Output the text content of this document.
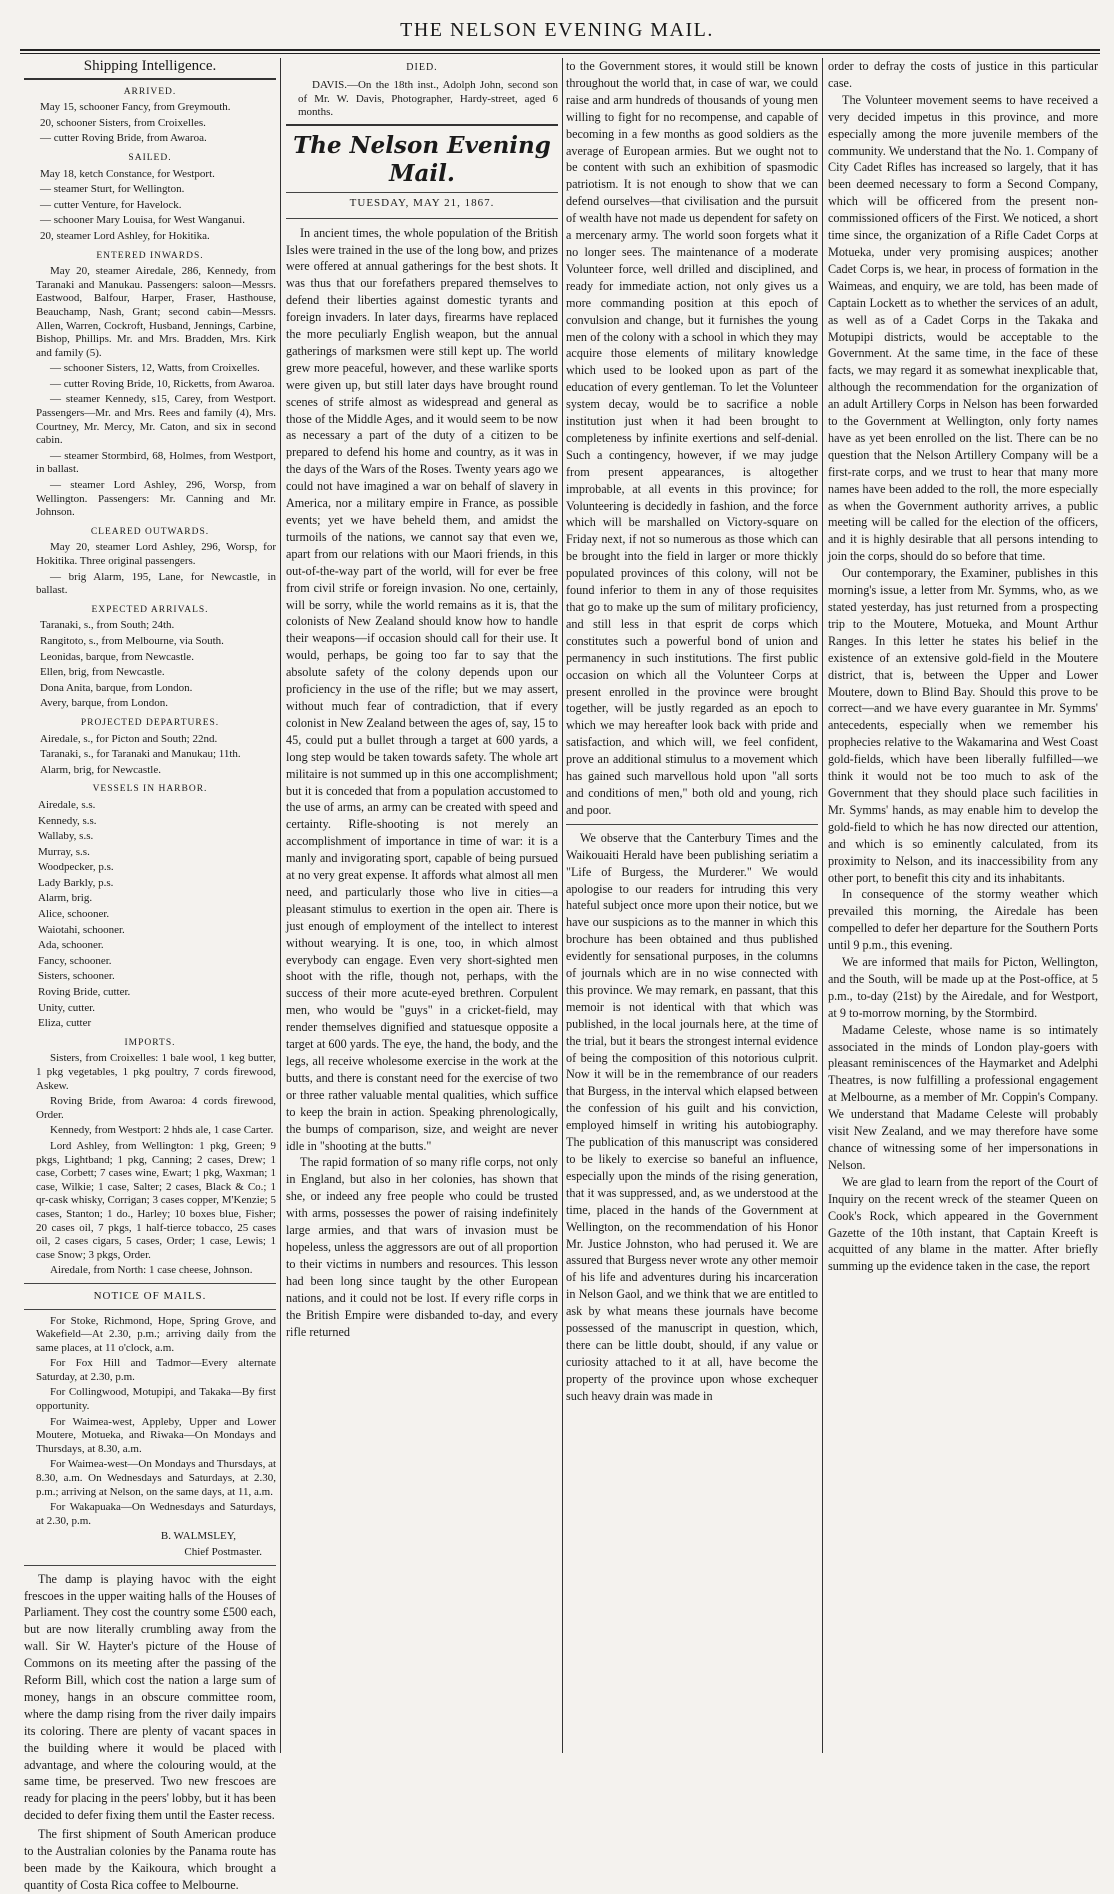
THE NELSON EVENING MAIL.
Shipping Intelligence.
ARRIVED.

May 15, schooner Fancy, from Greymouth.

20, schooner Sisters, from Croixelles.

— cutter Roving Bride, from Awaroa.

SAILED.

May 18, ketch Constance, for Westport.

— steamer Sturt, for Wellington.

— cutter Venture, for Havelock.

— schooner Mary Louisa, for West Wanganui.

20, steamer Lord Ashley, for Hokitika.

ENTERED INWARDS.

May 20, steamer Airedale, 286, Kennedy, from Taranaki and Manukau. Passengers: saloon—Messrs. Eastwood, Balfour, Harper, Fraser, Hasthouse, Beauchamp, Nash, Grant; second cabin—Messrs. Allen, Warren, Cockroft, Husband, Jennings, Carbine, Bishop, Phillips. Mr. and Mrs. Bradden, Mrs. Kirk and family (5).

— schooner Sisters, 12, Watts, from Croixelles.

— cutter Roving Bride, 10, Ricketts, from Awaroa.

— steamer Kennedy, s15, Carey, from Westport. Passengers—Mr. and Mrs. Rees and family (4), Mrs. Courtney, Mr. Mercy, Mr. Caton, and six in second cabin.

— steamer Stormbird, 68, Holmes, from Westport, in ballast.

— steamer Lord Ashley, 296, Worsp, from Wellington. Passengers: Mr. Canning and Mr. Johnson.

CLEARED OUTWARDS.

May 20, steamer Lord Ashley, 296, Worsp, for Hokitika. Three original passengers.

— brig Alarm, 195, Lane, for Newcastle, in ballast.

EXPECTED ARRIVALS.

Taranaki, s., from South; 24th.

Rangitoto, s., from Melbourne, via South.

Leonidas, barque, from Newcastle.

Ellen, brig, from Newcastle.

Dona Anita, barque, from London.

Avery, barque, from London.

PROJECTED DEPARTURES.

Airedale, s., for Picton and South; 22nd.

Taranaki, s., for Taranaki and Manukau; 11th.

Alarm, brig, for Newcastle.

VESSELS IN HARBOR.

Airedale, s.s.

Kennedy, s.s.

Wallaby, s.s.

Murray, s.s.

Woodpecker, p.s.

Lady Barkly, p.s.

Alarm, brig.

Alice, schooner.

Waiotahi, schooner.

Ada, schooner.

Fancy, schooner.

Sisters, schooner.

Roving Bride, cutter.

Unity, cutter.

Eliza, cutter

IMPORTS.

Sisters, from Croixelles: 1 bale wool, 1 keg butter, 1 pkg vegetables, 1 pkg poultry, 7 cords firewood, Askew.

Roving Bride, from Awaroa: 4 cords firewood, Order.

Kennedy, from Westport: 2 hhds ale, 1 case Carter.

Lord Ashley, from Wellington: 1 pkg, Green; 9 pkgs, Lightband; 1 pkg, Canning; 2 cases, Drew; 1 case, Corbett; 7 cases wine, Ewart; 1 pkg, Waxman; 1 case, Wilkie; 1 case, Salter; 2 cases, Black & Co.; 1 qr-cask whisky, Corrigan; 3 cases copper, M'Kenzie; 5 cases, Stanton; 1 do., Harley; 10 boxes blue, Fisher; 20 cases oil, 7 pkgs, 1 half-tierce tobacco, 25 cases oil, 2 cases cigars, 5 cases, Order; 1 case, Lewis; 1 case Snow; 3 pkgs, Order.

Airedale, from North: 1 case cheese, Johnson.

NOTICE OF MAILS.

For Stoke, Richmond, Hope, Spring Grove, and Wakefield—At 2.30, p.m.; arriving daily from the same places, at 11 o'clock, a.m.

For Fox Hill and Tadmor—Every alternate Saturday, at 2.30, p.m.

For Collingwood, Motupipi, and Takaka—By first opportunity.

For Waimea-west, Appleby, Upper and Lower Moutere, Motueka, and Riwaka—On Mondays and Thursdays, at 8.30, a.m.

For Waimea-west—On Mondays and Thursdays, at 8.30, a.m. On Wednesdays and Saturdays, at 2.30, p.m.; arriving at Nelson, on the same days, at 11, a.m.

For Wakapuaka—On Wednesdays and Saturdays, at 2.30, p.m.

B. WALMSLEY,

Chief Postmaster.

The damp is playing havoc with the eight frescoes in the upper waiting halls of the Houses of Parliament. They cost the country some £500 each, but are now literally crumbling away from the wall. Sir W. Hayter's picture of the House of Commons on its meeting after the passing of the Reform Bill, which cost the nation a large sum of money, hangs in an obscure committee room, where the damp rising from the river daily impairs its coloring. There are plenty of vacant spaces in the building where it would be placed with advantage, and where the colouring would, at the same time, be preserved. Two new frescoes are ready for placing in the peers' lobby, but it has been decided to defer fixing them until the Easter recess.

The first shipment of South American produce to the Australian colonies by the Panama route has been made by the Kaikoura, which brought a quantity of Costa Rica coffee to Melbourne.

DIED.

DAVIS.—On the 18th inst., Adolph John, second son of Mr. W. Davis, Photographer, Hardy-street, aged 6 months.

The Nelson Evening Mail.
TUESDAY, MAY 21, 1867.

In ancient times, the whole population of the British Isles were trained in the use of the long bow, and prizes were offered at annual gatherings for the best shots. It was thus that our forefathers prepared themselves to defend their liberties against domestic tyrants and foreign invaders. In later days, firearms have replaced the more peculiarly English weapon, but the annual gatherings of marksmen were still kept up. The world grew more peaceful, however, and these warlike sports were given up, but still later days have brought round scenes of strife almost as widespread and general as those of the Middle Ages, and it would seem to be now as necessary a part of the duty of a citizen to be prepared to defend his home and country, as it was in the days of the Wars of the Roses. Twenty years ago we could not have imagined a war on behalf of slavery in America, nor a military empire in France, as possible events; yet we have beheld them, and amidst the turmoils of the nations, we cannot say that even we, apart from our relations with our Maori friends, in this out-of-the-way part of the world, will for ever be free from civil strife or foreign invasion. No one, certainly, will be sorry, while the world remains as it is, that the colonists of New Zealand should know how to handle their weapons—if occasion should call for their use. It would, perhaps, be going too far to say that the absolute safety of the colony depends upon our proficiency in the use of the rifle; but we may assert, without much fear of contradiction, that if every colonist in New Zealand between the ages of, say, 15 to 45, could put a bullet through a target at 600 yards, a long step would be taken towards safety. The whole art militaire is not summed up in this one accomplishment; but it is conceded that from a population accustomed to the use of arms, an army can be created with speed and certainty. Rifle-shooting is not merely an accomplishment of importance in time of war: it is a manly and invigorating sport, capable of being pursued at no very great expense. It affords what almost all men need, and particularly those who live in cities—a pleasant stimulus to exertion in the open air. There is just enough of employment of the intellect to interest without wearying. It is one, too, in which almost everybody can engage. Even very short-sighted men shoot with the rifle, though not, perhaps, with the success of their more acute-eyed brethren. Corpulent men, who would be "guys" in a cricket-field, may render themselves dignified and statuesque opposite a target at 600 yards. The eye, the hand, the body, and the legs, all receive wholesome exercise in the work at the butts, and there is constant need for the exercise of two or three rather valuable mental qualities, which suffice to keep the brain in action. Speaking phrenologically, the bumps of comparison, size, and weight are never idle in "shooting at the butts."

The rapid formation of so many rifle corps, not only in England, but also in her colonies, has shown that she, or indeed any free people who could be trusted with arms, possesses the power of raising indefinitely large armies, and that wars of invasion must be hopeless, unless the aggressors are out of all proportion to their victims in numbers and resources. This lesson had been long since taught by the other European nations, and it could not be lost. If every rifle corps in the British Empire were disbanded to-day, and every rifle returned

to the Government stores, it would still be known throughout the world that, in case of war, we could raise and arm hundreds of thousands of young men willing to fight for no recompense, and capable of becoming in a few months as good soldiers as the average of European armies. But we ought not to be content with such an exhibition of spasmodic patriotism. It is not enough to show that we can defend ourselves—that civilisation and the pursuit of wealth have not made us dependent for safety on a mercenary army. The world soon forgets what it no longer sees. The maintenance of a moderate Volunteer force, well drilled and disciplined, and ready for immediate action, not only gives us a more commanding position at this epoch of convulsion and change, but it furnishes the young men of the colony with a school in which they may acquire those elements of military knowledge which used to be looked upon as part of the education of every gentleman. To let the Volunteer system decay, would be to sacrifice a noble institution just when it had been brought to completeness by infinite exertions and self-denial. Such a contingency, however, if we may judge from present appearances, is altogether improbable, at all events in this province; for Volunteering is decidedly in fashion, and the force which will be marshalled on Victory-square on Friday next, if not so numerous as those which can be brought into the field in larger or more thickly populated provinces of this colony, will not be found inferior to them in any of those requisites that go to make up the sum of military proficiency, and still less in that esprit de corps which constitutes such a powerful bond of union and permanency in such institutions. The first public occasion on which all the Volunteer Corps at present enrolled in the province were brought together, will be justly regarded as an epoch to which we may hereafter look back with pride and satisfaction, and which will, we feel confident, prove an additional stimulus to a movement which has gained such marvellous hold upon "all sorts and conditions of men," both old and young, rich and poor.

We observe that the Canterbury Times and the Waikouaiti Herald have been publishing seriatim a "Life of Burgess, the Murderer." We would apologise to our readers for intruding this very hateful subject once more upon their notice, but we have our suspicions as to the manner in which this brochure has been obtained and thus published evidently for sensational purposes, in the columns of journals which are in no wise connected with this province. We may remark, en passant, that this memoir is not identical with that which was published, in the local journals here, at the time of the trial, but it bears the strongest internal evidence of being the composition of this notorious culprit. Now it will be in the remembrance of our readers that Burgess, in the interval which elapsed between the confession of his guilt and his conviction, employed himself in writing his autobiography. The publication of this manuscript was considered to be likely to exercise so baneful an influence, especially upon the minds of the rising generation, that it was suppressed, and, as we understood at the time, placed in the hands of the Government at Wellington, on the recommendation of his Honor Mr. Justice Johnston, who had perused it. We are assured that Burgess never wrote any other memoir of his life and adventures during his incarceration in Nelson Gaol, and we think that we are entitled to ask by what means these journals have become possessed of the manuscript in question, which, there can be little doubt, should, if any value or curiosity attached to it at all, have become the property of the province upon whose exchequer such heavy drain was made in

order to defray the costs of justice in this particular case.

The Volunteer movement seems to have received a very decided impetus in this province, and more especially among the more juvenile members of the community. We understand that the No. 1. Company of City Cadet Rifles has increased so largely, that it has been deemed necessary to form a Second Company, which will be officered from the present non-commissioned officers of the First. We noticed, a short time since, the organization of a Rifle Cadet Corps at Motueka, under very promising auspices; another Cadet Corps is, we hear, in process of formation in the Waimeas, and enquiry, we are told, has been made of Captain Lockett as to whether the services of an adult, as well as of a Cadet Corps in the Takaka and Motupipi districts, would be acceptable to the Government. At the same time, in the face of these facts, we may regard it as somewhat inexplicable that, although the recommendation for the organization of an adult Artillery Corps in Nelson has been forwarded to the Government at Wellington, only forty names have as yet been enrolled on the list. There can be no question that the Nelson Artillery Company will be a first-rate corps, and we trust to hear that many more names have been added to the roll, the more especially as when the Government authority arrives, a public meeting will be called for the election of the officers, and it is highly desirable that all persons intending to join the corps, should do so before that time.

Our contemporary, the Examiner, publishes in this morning's issue, a letter from Mr. Symms, who, as we stated yesterday, has just returned from a prospecting trip to the Moutere, Motueka, and Mount Arthur Ranges. In this letter he states his belief in the existence of an extensive gold-field in the Moutere district, that is, between the Upper and Lower Moutere, down to Blind Bay. Should this prove to be correct—and we have every guarantee in Mr. Symms' antecedents, especially when we remember his prophecies relative to the Wakamarina and West Coast gold-fields, which have been liberally fulfilled—we think it would not be too much to ask of the Government that they should place such facilities in Mr. Symms' hands, as may enable him to develop the gold-field to which he has now directed our attention, and which is so eminently calculated, from its proximity to Nelson, and its inaccessibility from any other port, to benefit this city and its inhabitants.

In consequence of the stormy weather which prevailed this morning, the Airedale has been compelled to defer her departure for the Southern Ports until 9 p.m., this evening.

We are informed that mails for Picton, Wellington, and the South, will be made up at the Post-office, at 5 p.m., to-day (21st) by the Airedale, and for Westport, at 9 to-morrow morning, by the Stormbird.

Madame Celeste, whose name is so intimately associated in the minds of London play-goers with pleasant reminiscences of the Haymarket and Adelphi Theatres, is now fulfilling a professional engagement at Melbourne, as a member of Mr. Coppin's Company. We understand that Madame Celeste will probably visit New Zealand, and we may therefore have some chance of witnessing some of her impersonations in Nelson.

We are glad to learn from the report of the Court of Inquiry on the recent wreck of the steamer Queen on Cook's Rock, which appeared in the Government Gazette of the 10th instant, that Captain Kreeft is acquitted of any blame in the matter. After briefly summing up the evidence taken in the case, the report
